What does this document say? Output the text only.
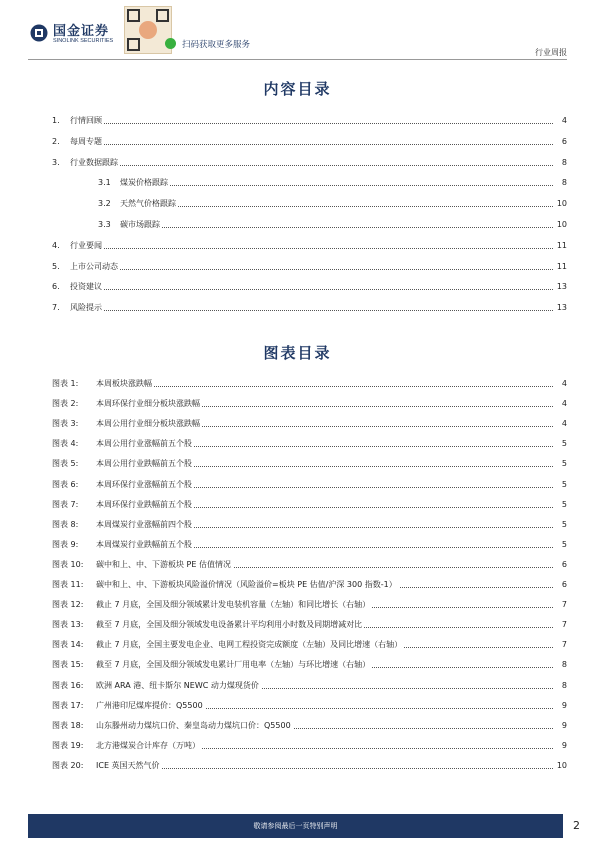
国金证券
SINOLINK SECURITIES	扫码获取更多服务
行业周报
内容目录
1. 行情回顾	4
2. 每周专题	6
3. 行业数据跟踪	8
3.1 煤炭价格跟踪	8
3.2 天然气价格跟踪	10
3.3 碳市场跟踪	10
4. 行业要闻	11
5. 上市公司动态	11
6. 投资建议	13
7. 风险提示	13
图表目录
图表 1: 本周板块涨跌幅	4
图表 2: 本周环保行业细分板块涨跌幅	4
图表 3: 本周公用行业细分板块涨跌幅	4
图表 4: 本周公用行业涨幅前五个股	5
图表 5: 本周公用行业跌幅前五个股	5
图表 6: 本周环保行业涨幅前五个股	5
图表 7: 本周环保行业跌幅前五个股	5
图表 8: 本周煤炭行业涨幅前四个股	5
图表 9: 本周煤炭行业跌幅前五个股	5
图表 10: 碳中和上、中、下游板块 PE 估值情况	6
图表 11: 碳中和上、中、下游板块风险溢价情况（风险溢价=板块 PE 估值/沪深 300 指数-1）	6
图表 12: 截止 7 月底，全国及细分领域累计发电装机容量（左轴）和同比增长（右轴）	7
图表 13: 截至 7 月底，全国及细分领域发电设备累计平均利用小时数及同期增减对比	7
图表 14: 截止 7 月底，全国主要发电企业、电网工程投资完成额度（左轴）及同比增速（右轴）	7
图表 15: 截至 7 月底，全国及细分领域发电累计厂用电率（左轴）与环比增速（右轴）	8
图表 16: 欧洲 ARA 港、纽卡斯尔 NEWC 动力煤现货价	8
图表 17: 广州港印尼煤库提价：Q5500	9
图表 18: 山东滕州动力煤坑口价、秦皇岛动力煤坑口价：Q5500	9
图表 19: 北方港煤炭合计库存（万吨）	9
图表 20: ICE 英国天然气价	10
敬请参阅最后一页特别声明	2
